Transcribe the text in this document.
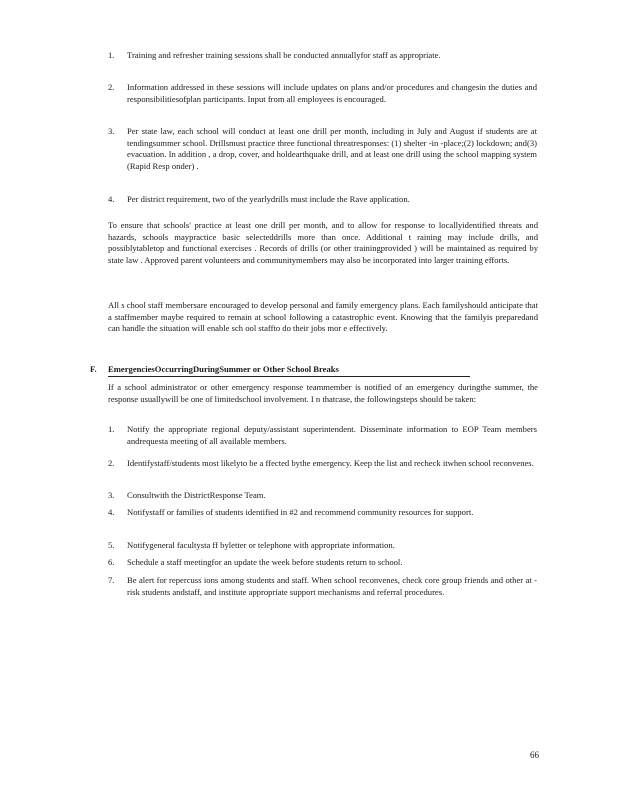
1.	Training and refresher training sessions shall be conducted annuallyfor staff as appropriate.
2.	Information addressed in these sessions will include updates on plans and/or procedures and changesin the duties and responsibilitiesofplan participants. Input from all employees is encouraged.
3.	Per state law, each school will conduct at least one drill per month, including in July and August if students are at tendingsummer school. Drillsmust practice three functional threatresponses: (1) shelter -in -place;(2) lockdown; and(3) evacuation. In addition , a drop, cover, and holdearthquake drill, and at least one drill using the school mapping system (Rapid Resp onder) .
4.	Per district requirement, two of the yearlydrills must include the Rave application.
To ensure that schools' practice at least one drill per month, and to allow for response to locallyidentified threats and hazards, schools maypractice basic selecteddrills more than once. Additional t raining may include drills, and possiblytabletop and functional exercises . Records of drills (or other trainingprovided ) will be maintained as required by state law . Approved parent volunteers and communitymembers may also be incorporated into larger training efforts.
All s chool staff membersare encouraged to develop personal and family emergency plans. Each familyshould anticipate that a staffmember maybe required to remain at school following a catastrophic event. Knowing that the familyis preparedand can handle the situation will enable sch ool staffto do their jobs mor e effectively.
F. EmergenciesOccurringDuringSummer or Other School Breaks
If a school administrator or other emergency response teammember is notified of an emergency duringthe summer, the response usuallywill be one of limitedschool involvement. I n thatcase, the followingsteps should be taken:
1.	Notify the appropriate regional deputy/assistant superintendent. Disseminate information to EOP Team members andrequesta meeting of all available members.
2.	Identifystaff/students most likelyto be a ffected bythe emergency. Keep the list and recheck itwhen school reconvenes.
3.	Consultwith the DistrictResponse Team.
4.	Notifystaff or families of students identified in #2 and recommend community resources for support.
5.	Notifygeneral facultysta ff byletter or telephone with appropriate information.
6.	Schedule a staff meetingfor an update the week before students return to school.
7.	Be alert for repercuss ions among students and staff. When school reconvenes, check core group friends and other at -risk students andstaff, and institute appropriate support mechanisms and referral procedures.
66
